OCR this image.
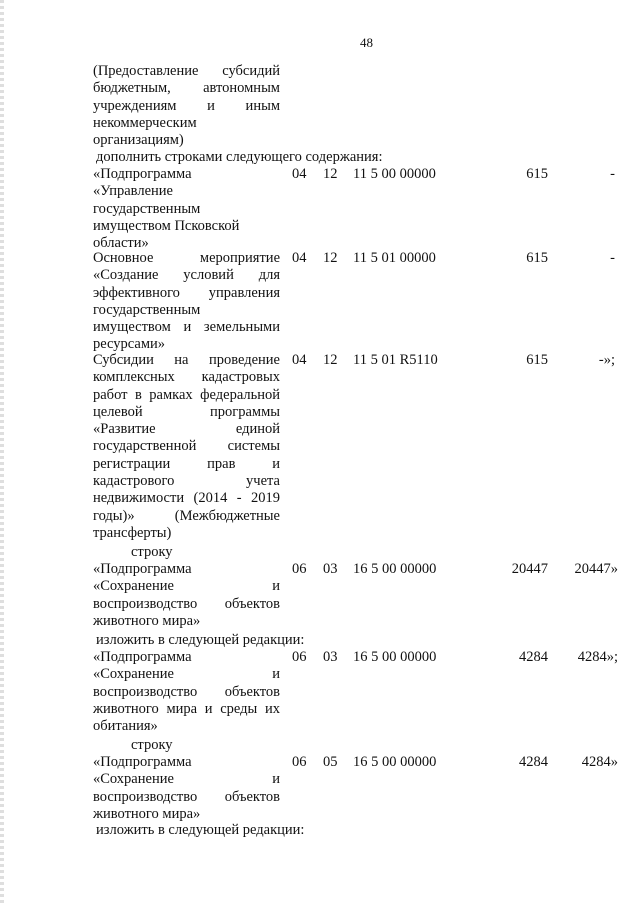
48
(Предоставление субсидий
бюджетным, автономным
учреждениям и иным
некоммерческим
организациям)
дополнить строками следующего содержания:
«Подпрограмма
«Управление
государственным
имуществом Псковской
области»
04 12 11 5 00 00000	615	-
Основное мероприятие
«Создание условий для
эффективного управления
государственным
имуществом и земельными
ресурсами»
04 12 11 5 01 00000	615	-
Субсидии на проведение
комплексных кадастровых
работ в рамках федеральной
целевой программы
«Развитие единой
государственной системы
регистрации прав и
кадастрового учета
недвижимости (2014 - 2019
годы)» (Межбюджетные
трансферты)
04 12 11 5 01 R5110	615	-»;
строку
«Подпрограмма
«Сохранение и
воспроизводство объектов
животного мира»
06 03 16 5 00 00000	20447	20447»
изложить в следующей редакции:
«Подпрограмма
«Сохранение и
воспроизводство объектов
животного мира и среды их
обитания»
06 03 16 5 00 00000	4284	4284»;
строку
«Подпрограмма
«Сохранение и
воспроизводство объектов
животного мира»
06 05 16 5 00 00000	4284	4284»
изложить в следующей редакции:
